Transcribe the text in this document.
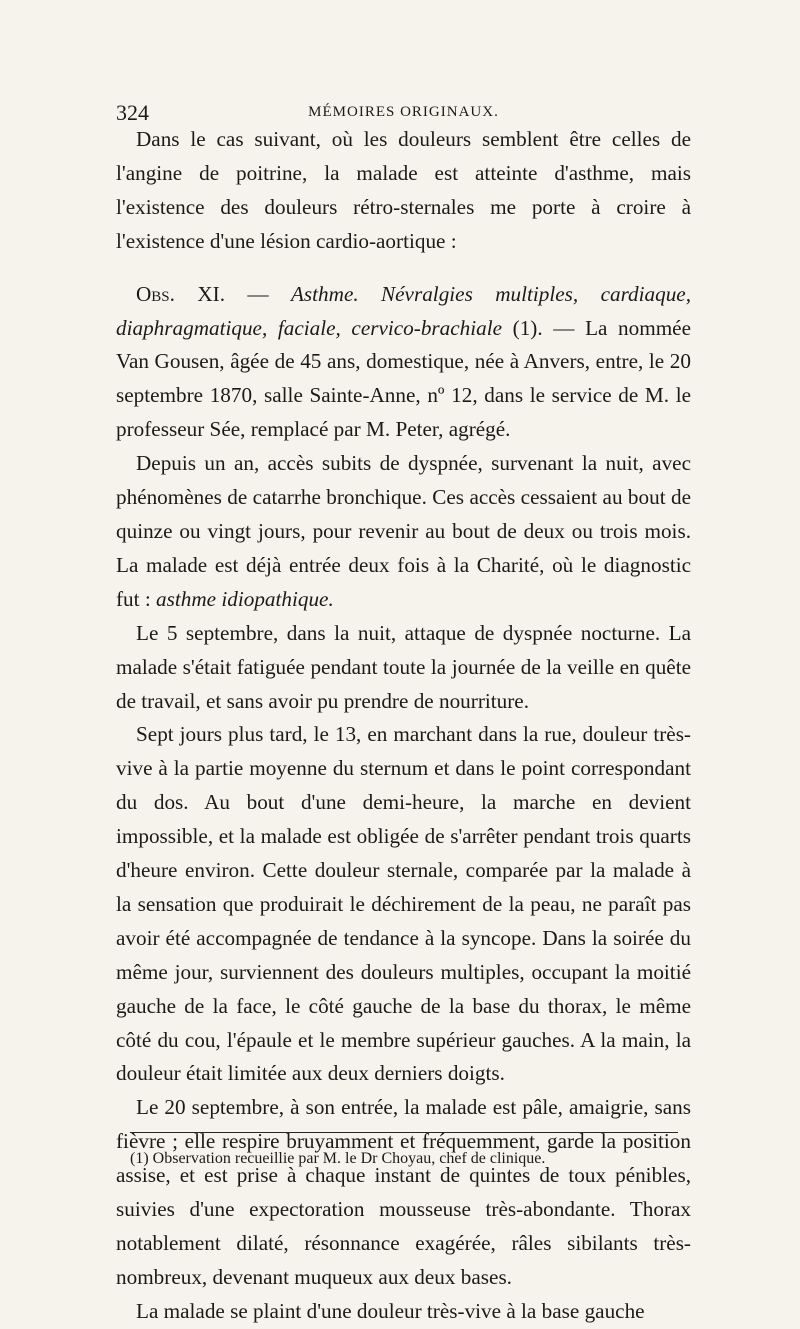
324	MÉMOIRES ORIGINAUX.

Dans le cas suivant, où les douleurs semblent être celles de l'angine de poitrine, la malade est atteinte d'asthme, mais l'existence des douleurs rétro-sternales me porte à croire à l'existence d'une lésion cardio-aortique :

Obs. XI. — Asthme. Névralgies multiples, cardiaque, diaphragmatique, faciale, cervico-brachiale (1). — La nommée Van Gousen, âgée de 45 ans, domestique, née à Anvers, entre, le 20 septembre 1870, salle Sainte-Anne, nº 12, dans le service de M. le professeur Sée, remplacé par M. Peter, agrégé.

Depuis un an, accès subits de dyspnée, survenant la nuit, avec phénomènes de catarrhe bronchique. Ces accès cessaient au bout de quinze ou vingt jours, pour revenir au bout de deux ou trois mois. La malade est déjà entrée deux fois à la Charité, où le diagnostic fut : asthme idiopathique.

Le 5 septembre, dans la nuit, attaque de dyspnée nocturne. La malade s'était fatiguée pendant toute la journée de la veille en quête de travail, et sans avoir pu prendre de nourriture.

Sept jours plus tard, le 13, en marchant dans la rue, douleur très-vive à la partie moyenne du sternum et dans le point correspondant du dos. Au bout d'une demi-heure, la marche en devient impossible, et la malade est obligée de s'arrêter pendant trois quarts d'heure environ. Cette douleur sternale, comparée par la malade à la sensation que produirait le déchirement de la peau, ne paraît pas avoir été accompagnée de tendance à la syncope. Dans la soirée du même jour, surviennent des douleurs multiples, occupant la moitié gauche de la face, le côté gauche de la base du thorax, le même côté du cou, l'épaule et le membre supérieur gauches. A la main, la douleur était limitée aux deux derniers doigts.

Le 20 septembre, à son entrée, la malade est pâle, amaigrie, sans fièvre ; elle respire bruyamment et fréquemment, garde la position assise, et est prise à chaque instant de quintes de toux pénibles, suivies d'une expectoration mousseuse très-abondante. Thorax notablement dilaté, résonnance exagérée, râles sibilants très-nombreux, devenant muqueux aux deux bases.

La malade se plaint d'une douleur très-vive à la base gauche

(1) Observation recueillie par M. le Dr Choyau, chef de clinique.
